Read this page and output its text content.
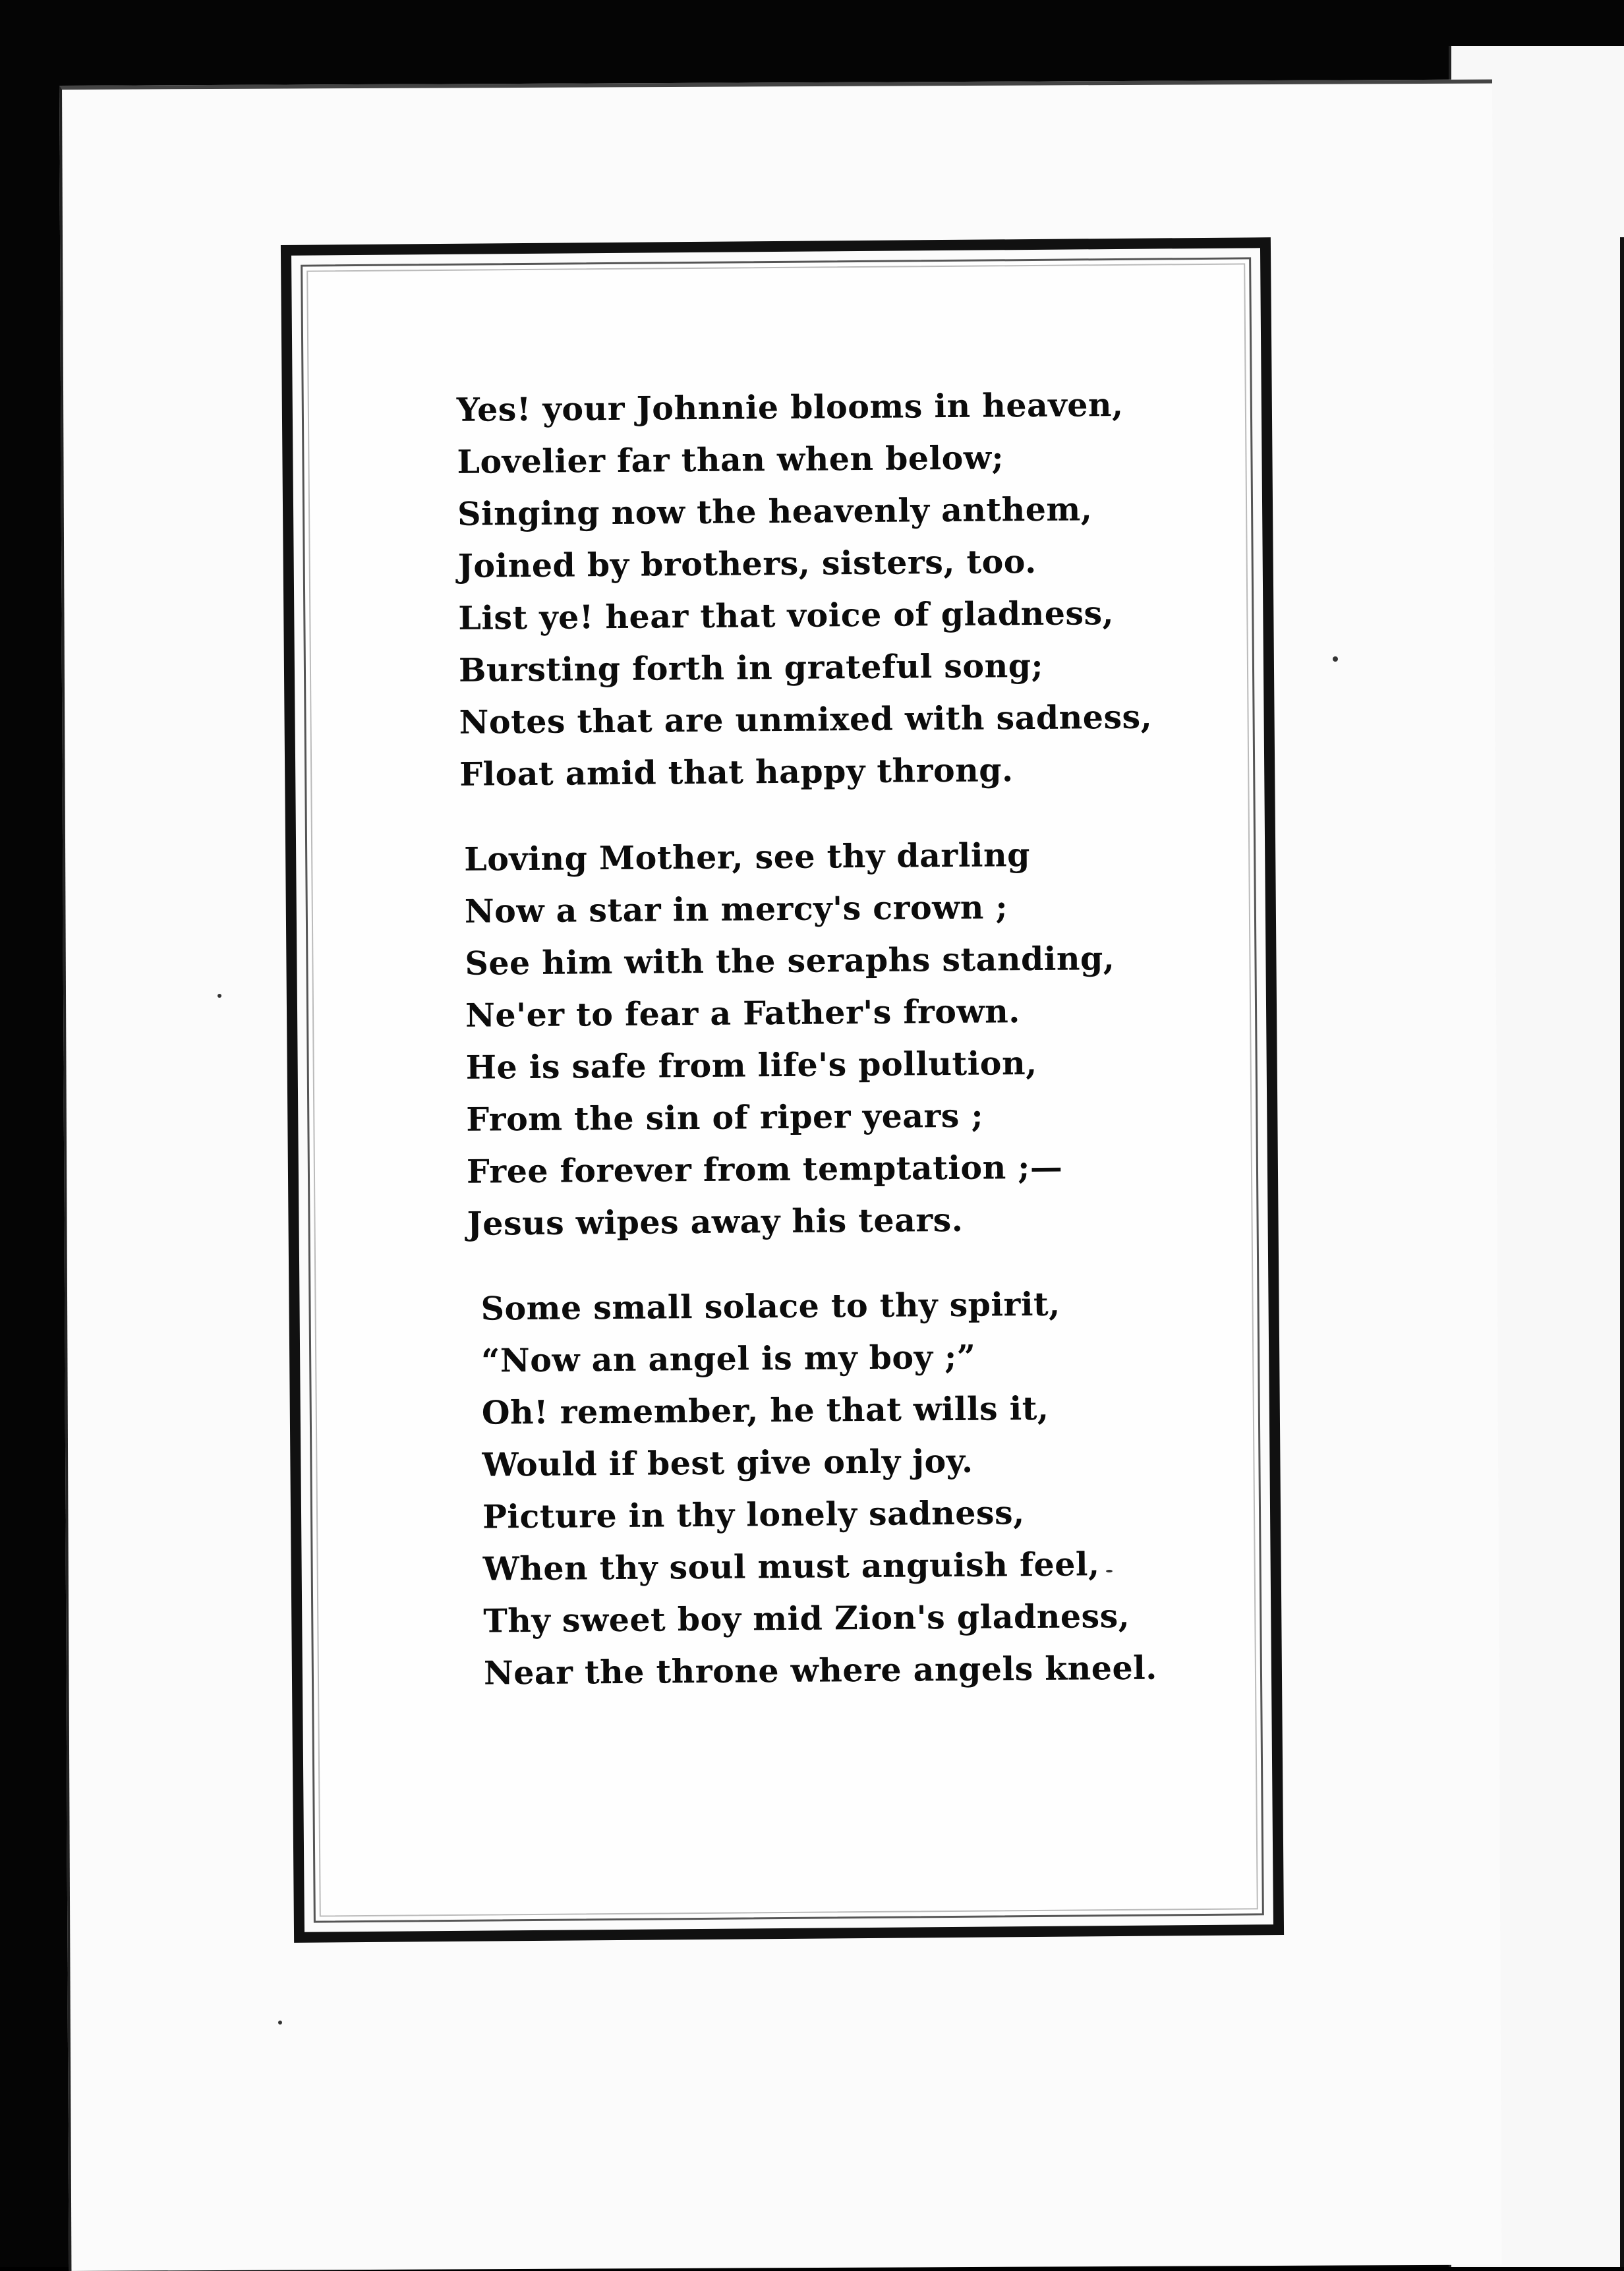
Yes! your Johnnie blooms in heaven,
Lovelier far than when below;
Singing now the heavenly anthem,
Joined by brothers, sisters, too.
List ye! hear that voice of gladness,
Bursting forth in grateful song;
Notes that are unmixed with sadness,
Float amid that happy throng.
Loving Mother, see thy darling
Now a star in mercy's crown ;
See him with the seraphs standing,
Ne'er to fear a Father's frown.
He is safe from life's pollution,
From the sin of riper years ;
Free forever from temptation ;—
Jesus wipes away his tears.
Some small solace to thy spirit,
“Now an angel is my boy ;”
Oh! remember, he that wills it,
Would if best give only joy.
Picture in thy lonely sadness,
When thy soul must anguish feel,
Thy sweet boy mid Zion's gladness,
Near the throne where angels kneel.
